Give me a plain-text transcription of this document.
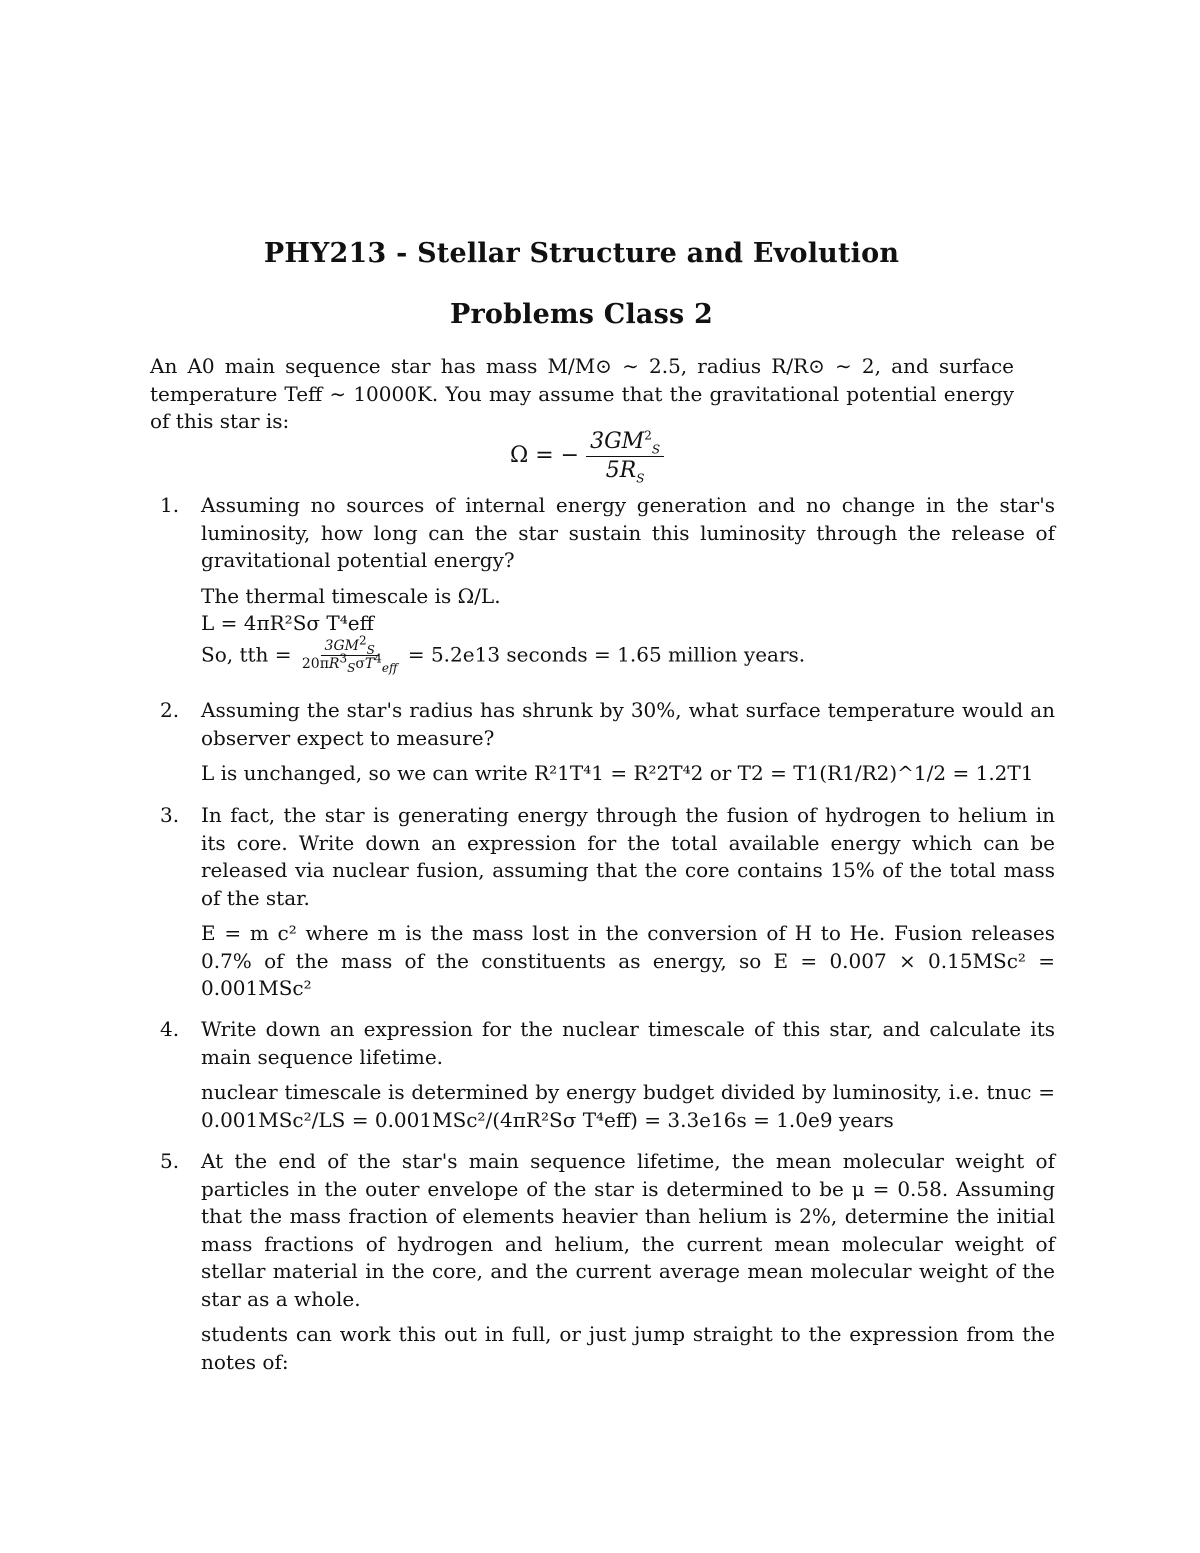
PHY213 - Stellar Structure and Evolution
Problems Class 2
An A0 main sequence star has mass M/M⊙ ∼ 2.5, radius R/R⊙ ∼ 2, and surface temperature Teff ∼ 10000K. You may assume that the gravitational potential energy of this star is:
Ω = − $\frac{3GM^2_S}{5R_S}$
1. Assuming no sources of internal energy generation and no change in the star's luminosity, how long can the star sustain this luminosity through the release of gravitational potential energy?
The thermal timescale is Ω/L.
L = 4πR²Sσ T⁴eff
So, tth = $\frac{3GM^2_S}{20\pi R^3_S\sigma T^4_{eff}} = 5.2e13$ seconds = 1.65 million years.
2. Assuming the star's radius has shrunk by 30%, what surface temperature would an observer expect to measure?
L is unchanged, so we can write R²1T⁴1 = R²2T⁴2 or T2 = T1(R1/R2)^1/2 = 1.2T1
3. In fact, the star is generating energy through the fusion of hydrogen to helium in its core. Write down an expression for the total available energy which can be released via nuclear fusion, assuming that the core contains 15% of the total mass of the star.
E = m c² where m is the mass lost in the conversion of H to He. Fusion releases 0.7% of the mass of the constituents as energy, so E = 0.007 × 0.15MSc² = 0.001MSc²
4. Write down an expression for the nuclear timescale of this star, and calculate its main sequence lifetime.
nuclear timescale is determined by energy budget divided by luminosity, i.e. tnuc = 0.001MSc²/LS = 0.001MSc²/(4πR²Sσ T⁴eff) = 3.3e16s = 1.0e9 years
5. At the end of the star's main sequence lifetime, the mean molecular weight of particles in the outer envelope of the star is determined to be μ = 0.58. Assuming that the mass fraction of elements heavier than helium is 2%, determine the initial mass fractions of hydrogen and helium, the current mean molecular weight of stellar material in the core, and the current average mean molecular weight of the star as a whole.
students can work this out in full, or just jump straight to the expression from the notes of:
